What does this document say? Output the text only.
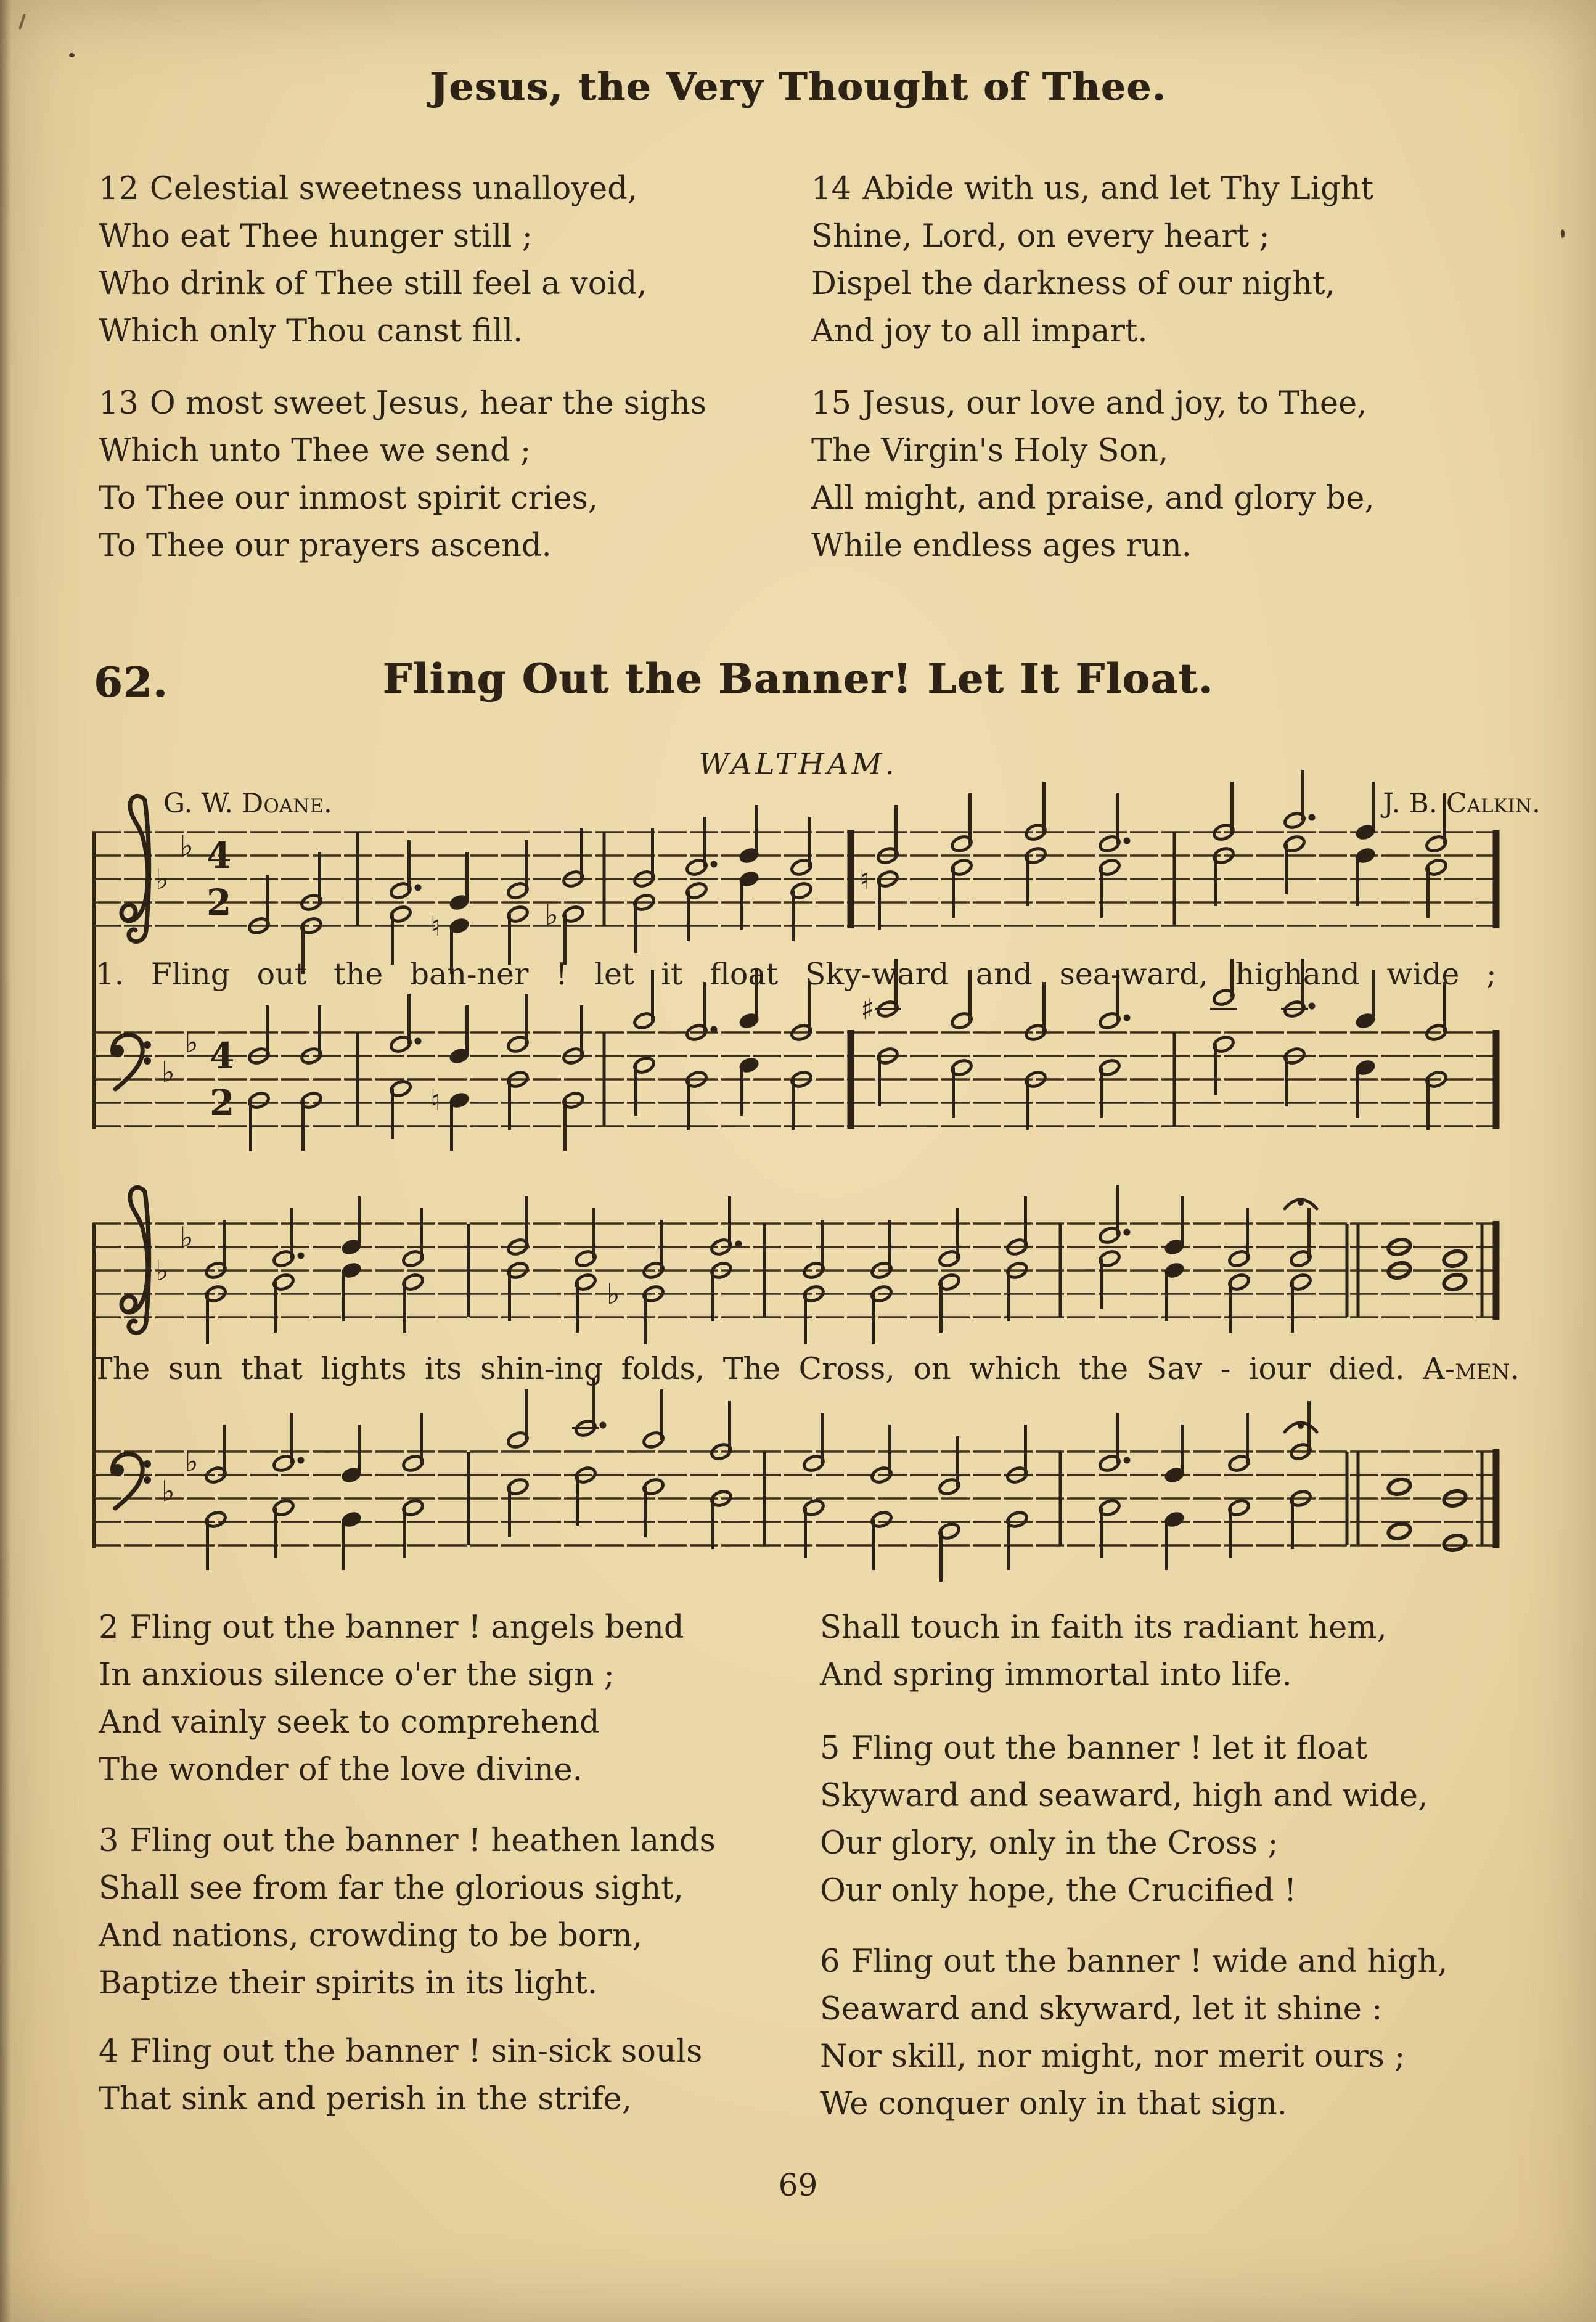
Jesus, the Very Thought of Thee.

12 Celestial sweetness unalloyed,

Who eat Thee hunger still ;

Who drink of Thee still feel a void,

Which only Thou canst fill.

13 O most sweet Jesus, hear the sighs

Which unto Thee we send ;

To Thee our inmost spirit cries,

To Thee our prayers ascend.

14 Abide with us, and let Thy Light

Shine, Lord, on every heart ;

Dispel the darkness of our night,

And joy to all impart.

15 Jesus, our love and joy, to Thee,

The Virgin's Holy Son,

All might, and praise, and glory be,

While endless ages run.

62.	Fling Out the Banner! Let It Float.
WALTHAM.
G. W. Doane.	J. B. Calkin.
♭
♭ 4
2
♮	♭
♮
1. Fling out the ban-ner ! let it float Sky-ward and sea-ward, highand wide ;
♭
♭ 4
2	♮
♯
♭
♭
♭
The sun that lights its shin-ing folds, The Cross, on which the Sav - iour died. A-men.
♭
♭

2 Fling out the banner ! angels bend

In anxious silence o'er the sign ;

And vainly seek to comprehend

The wonder of the love divine.

3 Fling out the banner ! heathen lands

Shall see from far the glorious sight,

And nations, crowding to be born,

Baptize their spirits in its light.

4 Fling out the banner ! sin-sick souls

That sink and perish in the strife,

Shall touch in faith its radiant hem,

And spring immortal into life.

5 Fling out the banner ! let it float

Skyward and seaward, high and wide,

Our glory, only in the Cross ;

Our only hope, the Crucified !

6 Fling out the banner ! wide and high,

Seaward and skyward, let it shine :

Nor skill, nor might, nor merit ours ;

We conquer only in that sign.

69
